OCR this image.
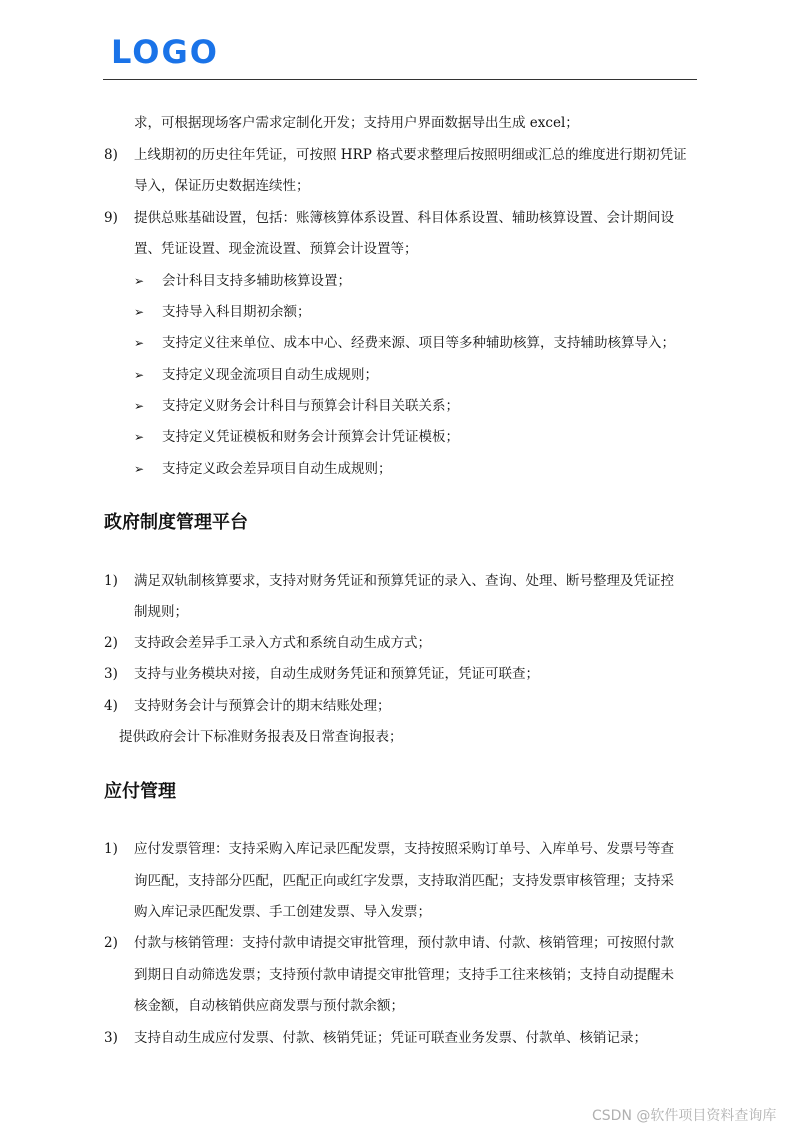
LOGO
求，可根据现场客户需求定制化开发；支持用户界面数据导出生成 excel；
8) 上线期初的历史往年凭证，可按照 HRP 格式要求整理后按照明细或汇总的维度进行期初凭证
导入，保证历史数据连续性；
9) 提供总账基础设置，包括：账簿核算体系设置、科目体系设置、辅助核算设置、会计期间设
置、凭证设置、现金流设置、预算会计设置等；
➢ 会计科目支持多辅助核算设置；
➢ 支持导入科目期初余额；
➢ 支持定义往来单位、成本中心、经费来源、项目等多种辅助核算，支持辅助核算导入；
➢ 支持定义现金流项目自动生成规则；
➢ 支持定义财务会计科目与预算会计科目关联关系；
➢ 支持定义凭证模板和财务会计预算会计凭证模板；
➢ 支持定义政会差异项目自动生成规则；
政府制度管理平台
1) 满足双轨制核算要求，支持对财务凭证和预算凭证的录入、查询、处理、断号整理及凭证控
制规则；
2) 支持政会差异手工录入方式和系统自动生成方式；
3) 支持与业务模块对接，自动生成财务凭证和预算凭证，凭证可联查；
4) 支持财务会计与预算会计的期末结账处理；
提供政府会计下标准财务报表及日常查询报表；
应付管理
1) 应付发票管理：支持采购入库记录匹配发票，支持按照采购订单号、入库单号、发票号等查
询匹配，支持部分匹配，匹配正向或红字发票，支持取消匹配；支持发票审核管理；支持采
购入库记录匹配发票、手工创建发票、导入发票；
2) 付款与核销管理：支持付款申请提交审批管理，预付款申请、付款、核销管理；可按照付款
到期日自动筛选发票；支持预付款申请提交审批管理；支持手工往来核销；支持自动提醒未
核金额，自动核销供应商发票与预付款余额；
3) 支持自动生成应付发票、付款、核销凭证；凭证可联查业务发票、付款单、核销记录；
CSDN @软件项目资料查询库
